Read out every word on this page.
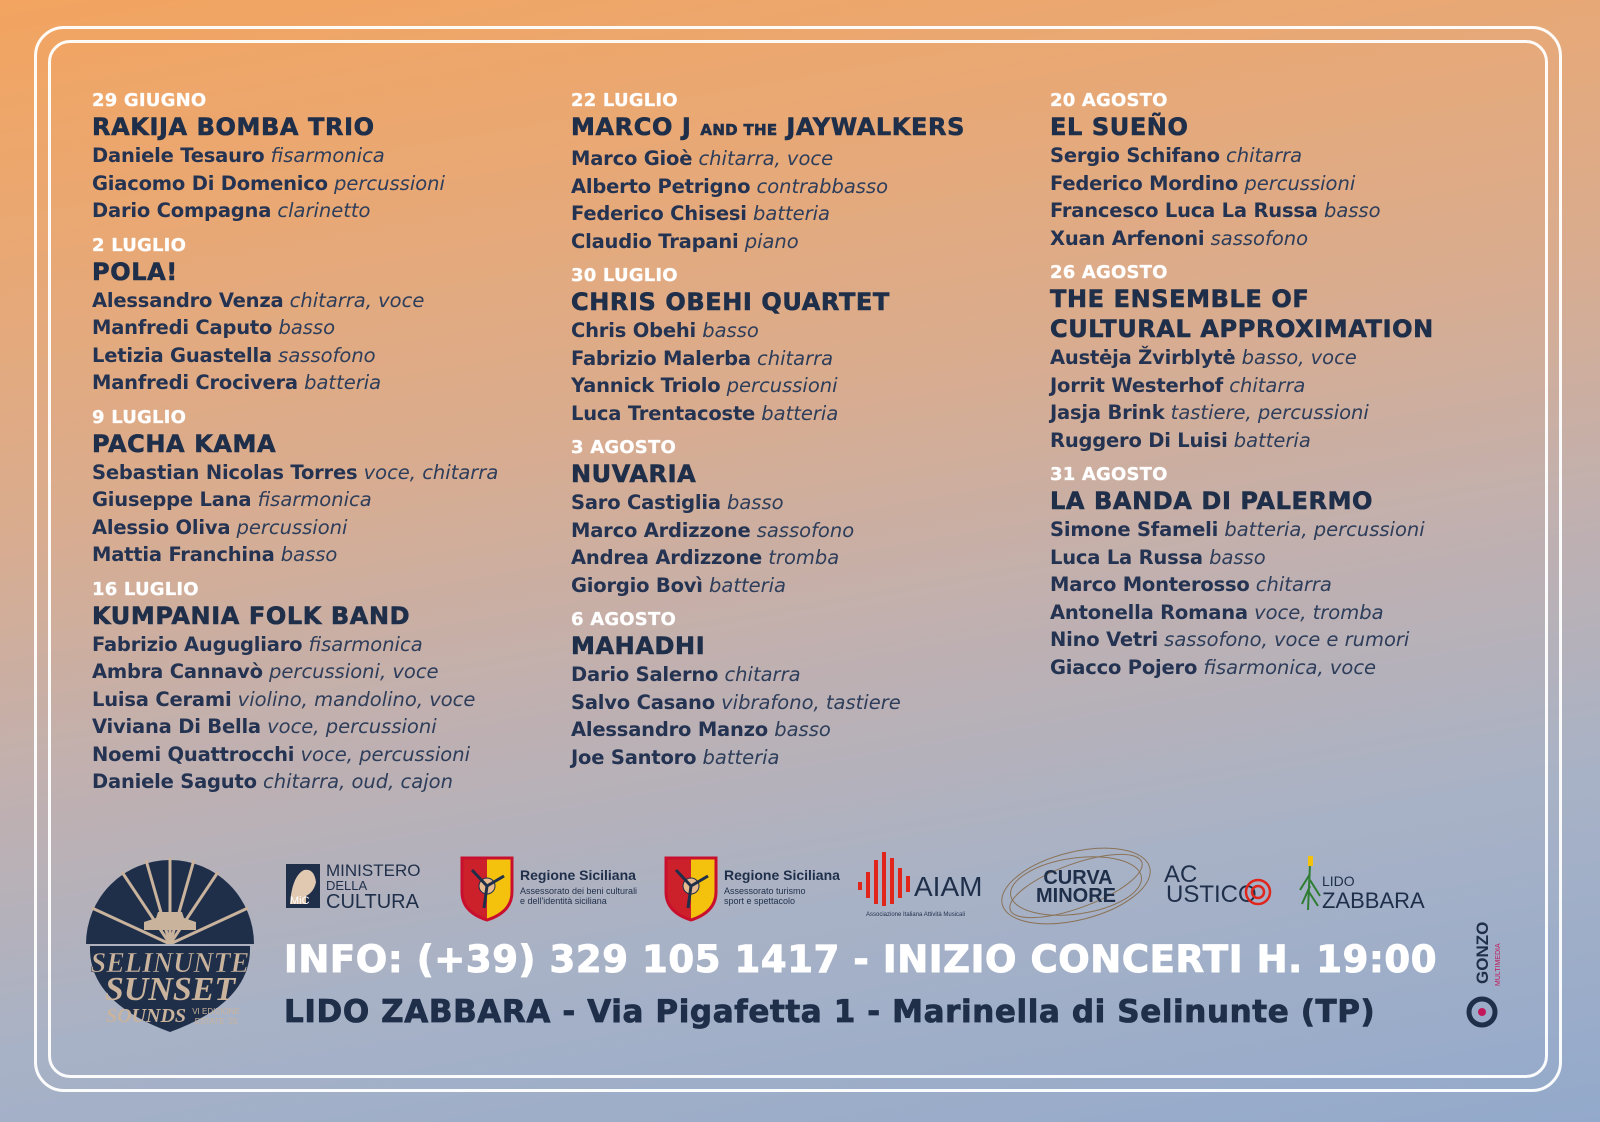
29 GIUGNO
RAKIJA BOMBA TRIO
Daniele Tesauro fisarmonica
Giacomo Di Domenico percussioni
Dario Compagna clarinetto
2 LUGLIO
POLA!
Alessandro Venza chitarra, voce
Manfredi Caputo basso
Letizia Guastella sassofono
Manfredi Crocivera batteria
9 LUGLIO
PACHA KAMA
Sebastian Nicolas Torres voce, chitarra
Giuseppe Lana fisarmonica
Alessio Oliva percussioni
Mattia Franchina basso
16 LUGLIO
KUMPANIA FOLK BAND
Fabrizio Augugliaro fisarmonica
Ambra Cannavò percussioni, voce
Luisa Cerami violino, mandolino, voce
Viviana Di Bella voce, percussioni
Noemi Quattrocchi voce, percussioni
Daniele Saguto chitarra, oud, cajon
22 LUGLIO
MARCO J AND THE JAYWALKERS
Marco Gioè chitarra, voce
Alberto Petrigno contrabbasso
Federico Chisesi batteria
Claudio Trapani piano
30 LUGLIO
CHRIS OBEHI QUARTET
Chris Obehi basso
Fabrizio Malerba chitarra
Yannick Triolo percussioni
Luca Trentacoste batteria
3 AGOSTO
NUVARIA
Saro Castiglia basso
Marco Ardizzone sassofono
Andrea Ardizzone tromba
Giorgio Bovì batteria
6 AGOSTO
MAHADHI
Dario Salerno chitarra
Salvo Casano vibrafono, tastiere
Alessandro Manzo basso
Joe Santoro batteria
20 AGOSTO
EL SUEÑO
Sergio Schifano chitarra
Federico Mordino percussioni
Francesco Luca La Russa basso
Xuan Arfenoni sassofono
26 AGOSTO
THE ENSEMBLE OF
CULTURAL APPROXIMATION
Austėja Žvirblytė basso, voce
Jorrit Westerhof chitarra
Jasja Brink tastiere, percussioni
Ruggero Di Luisi batteria
31 AGOSTO
LA BANDA DI PALERMO
Simone Sfameli batteria, percussioni
Luca La Russa basso
Marco Monterosso chitarra
Antonella Romana voce, tromba
Nino Vetri sassofono, voce e rumori
Giacco Pojero fisarmonica, voce
SELINUNTE
SUNSET
SOUNDS VI EDIZIONE
ESTATE '25
MiC
MINISTERO
DELLA
CULTURA
Regione Siciliana
Assessorato dei beni culturali
e dell'identità siciliana
Regione Siciliana
Assessorato turismo
sport e spettacolo	AIAM
Associazione Italiana Attività Musicali
CURVA
MINORE
AC
USTICO	LIDO
ZABBARA
INFO: (+39) 329 105 1417 - INIZIO CONCERTI H. 19:00
LIDO ZABBARA - Via Pigafetta 1 - Marinella di Selinunte (TP)
GONZO MULTIMEDIA
